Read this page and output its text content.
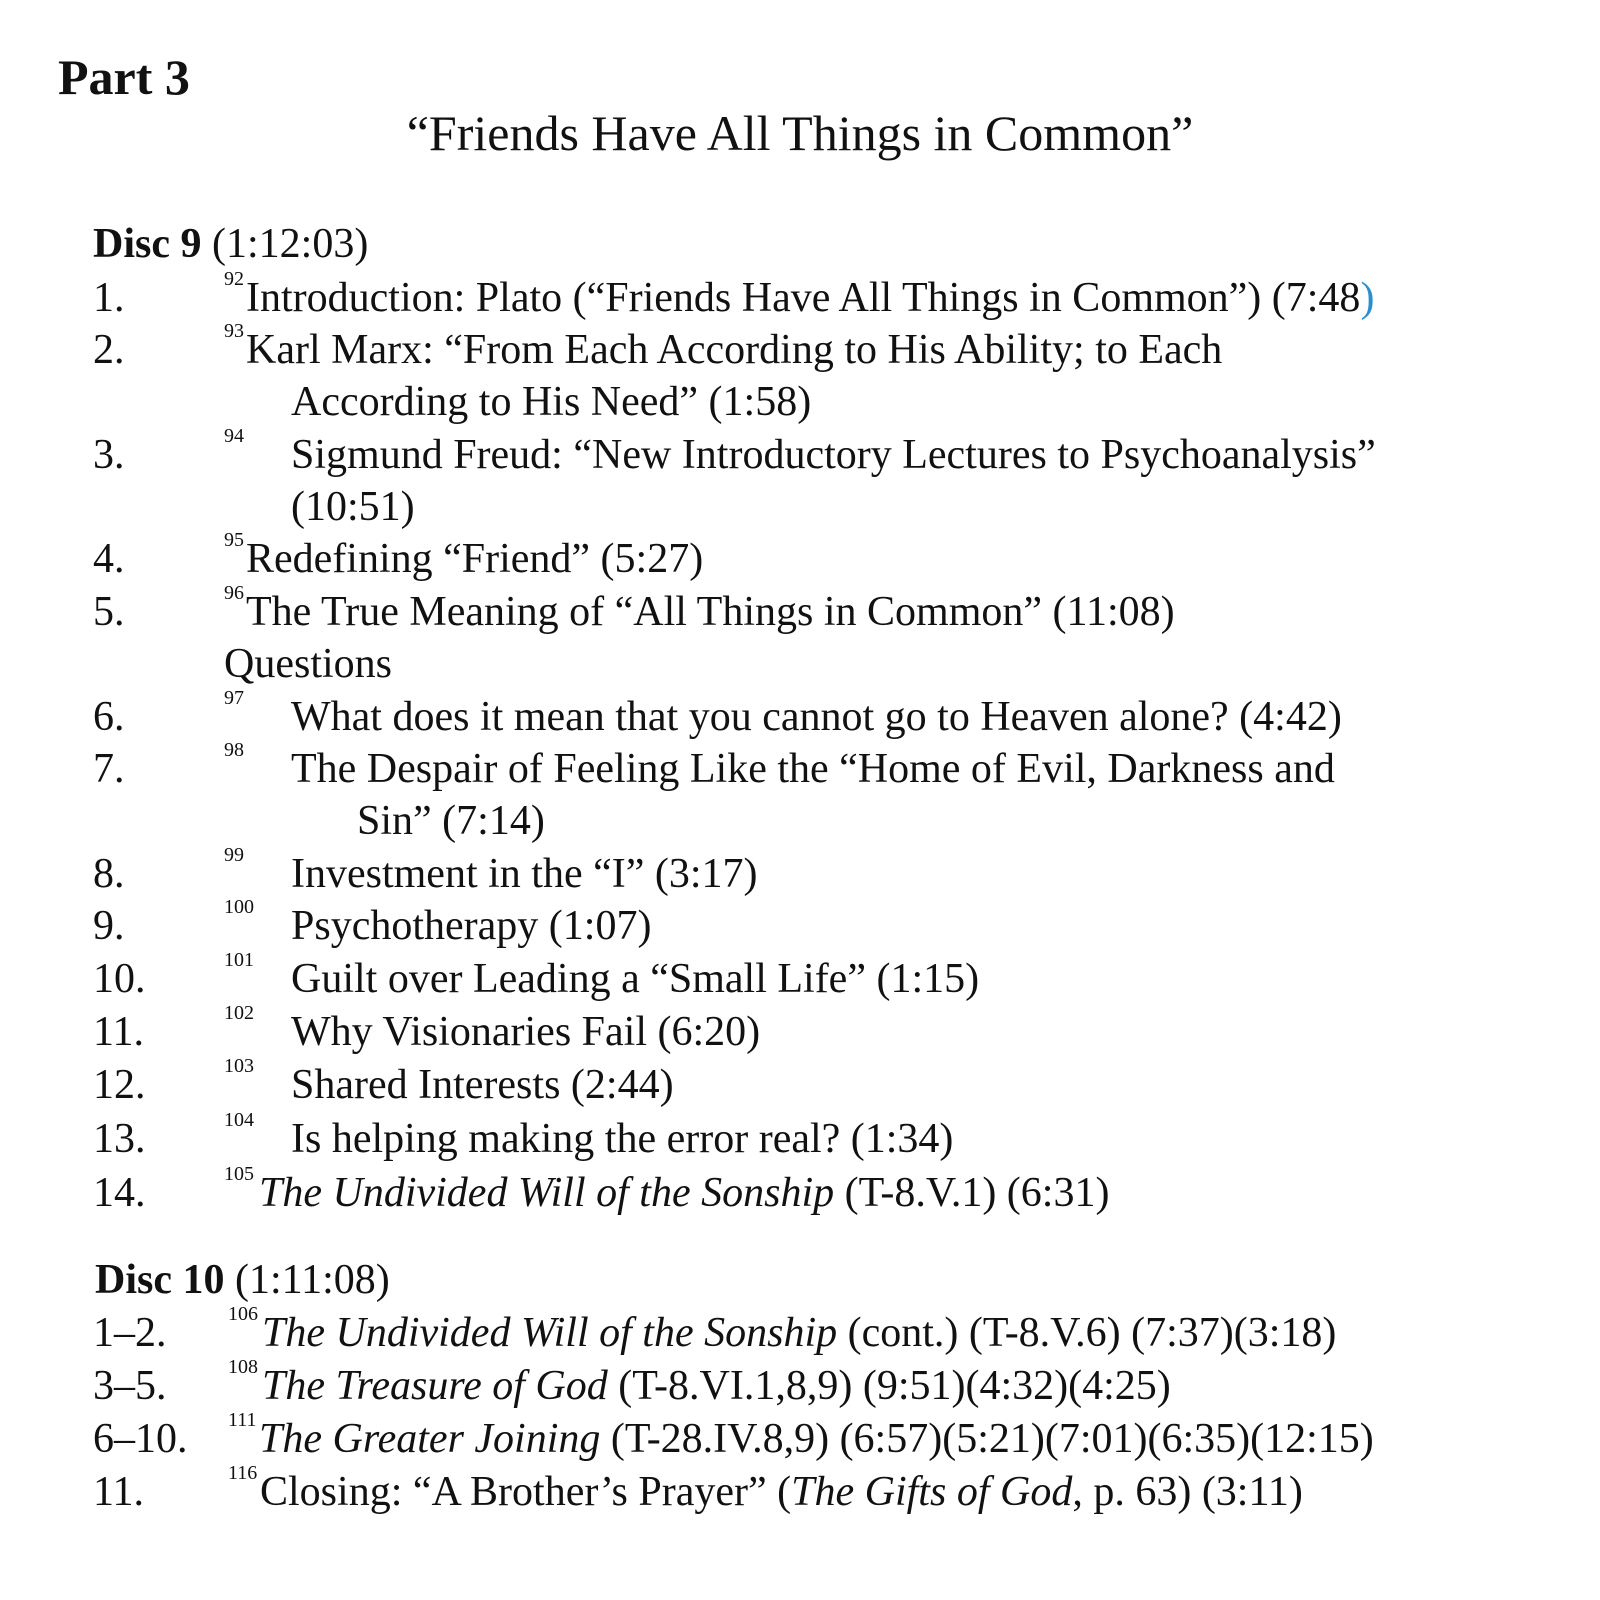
Part 3
“Friends Have All Things in Common”
Disc 9 (1:12:03)
1.	92 Introduction: Plato (“Friends Have All Things in Common”) (7:48)
2.	93 Karl Marx: “From Each According to His Ability; to Each
According to His Need” (1:58)
3.	94 Sigmund Freud: “New Introductory Lectures to Psychoanalysis”
(10:51)
4.	95 Redefining “Friend” (5:27)
5.	96 The True Meaning of “All Things in Common” (11:08)
Questions
6.	97 What does it mean that you cannot go to Heaven alone? (4:42)
7.	98 The Despair of Feeling Like the “Home of Evil, Darkness and
Sin” (7:14)
8.	99 Investment in the “I” (3:17)
9.	100 Psychotherapy (1:07)
10.	101 Guilt over Leading a “Small Life” (1:15)
11.	102 Why Visionaries Fail (6:20)
12.	103 Shared Interests (2:44)
13.	104 Is helping making the error real? (1:34)
14.	105 The Undivided Will of the Sonship (T-8.V.1) (6:31)
Disc 10 (1:11:08)
1–2.	106 The Undivided Will of the Sonship (cont.) (T-8.V.6) (7:37)(3:18)
3–5.	108 The Treasure of God (T-8.VI.1,8,9) (9:51)(4:32)(4:25)
6–10. 111 The Greater Joining (T-28.IV.8,9) (6:57)(5:21)(7:01)(6:35)(12:15)
11.	116 Closing: “A Brother’s Prayer” (The Gifts of God, p. 63) (3:11)
